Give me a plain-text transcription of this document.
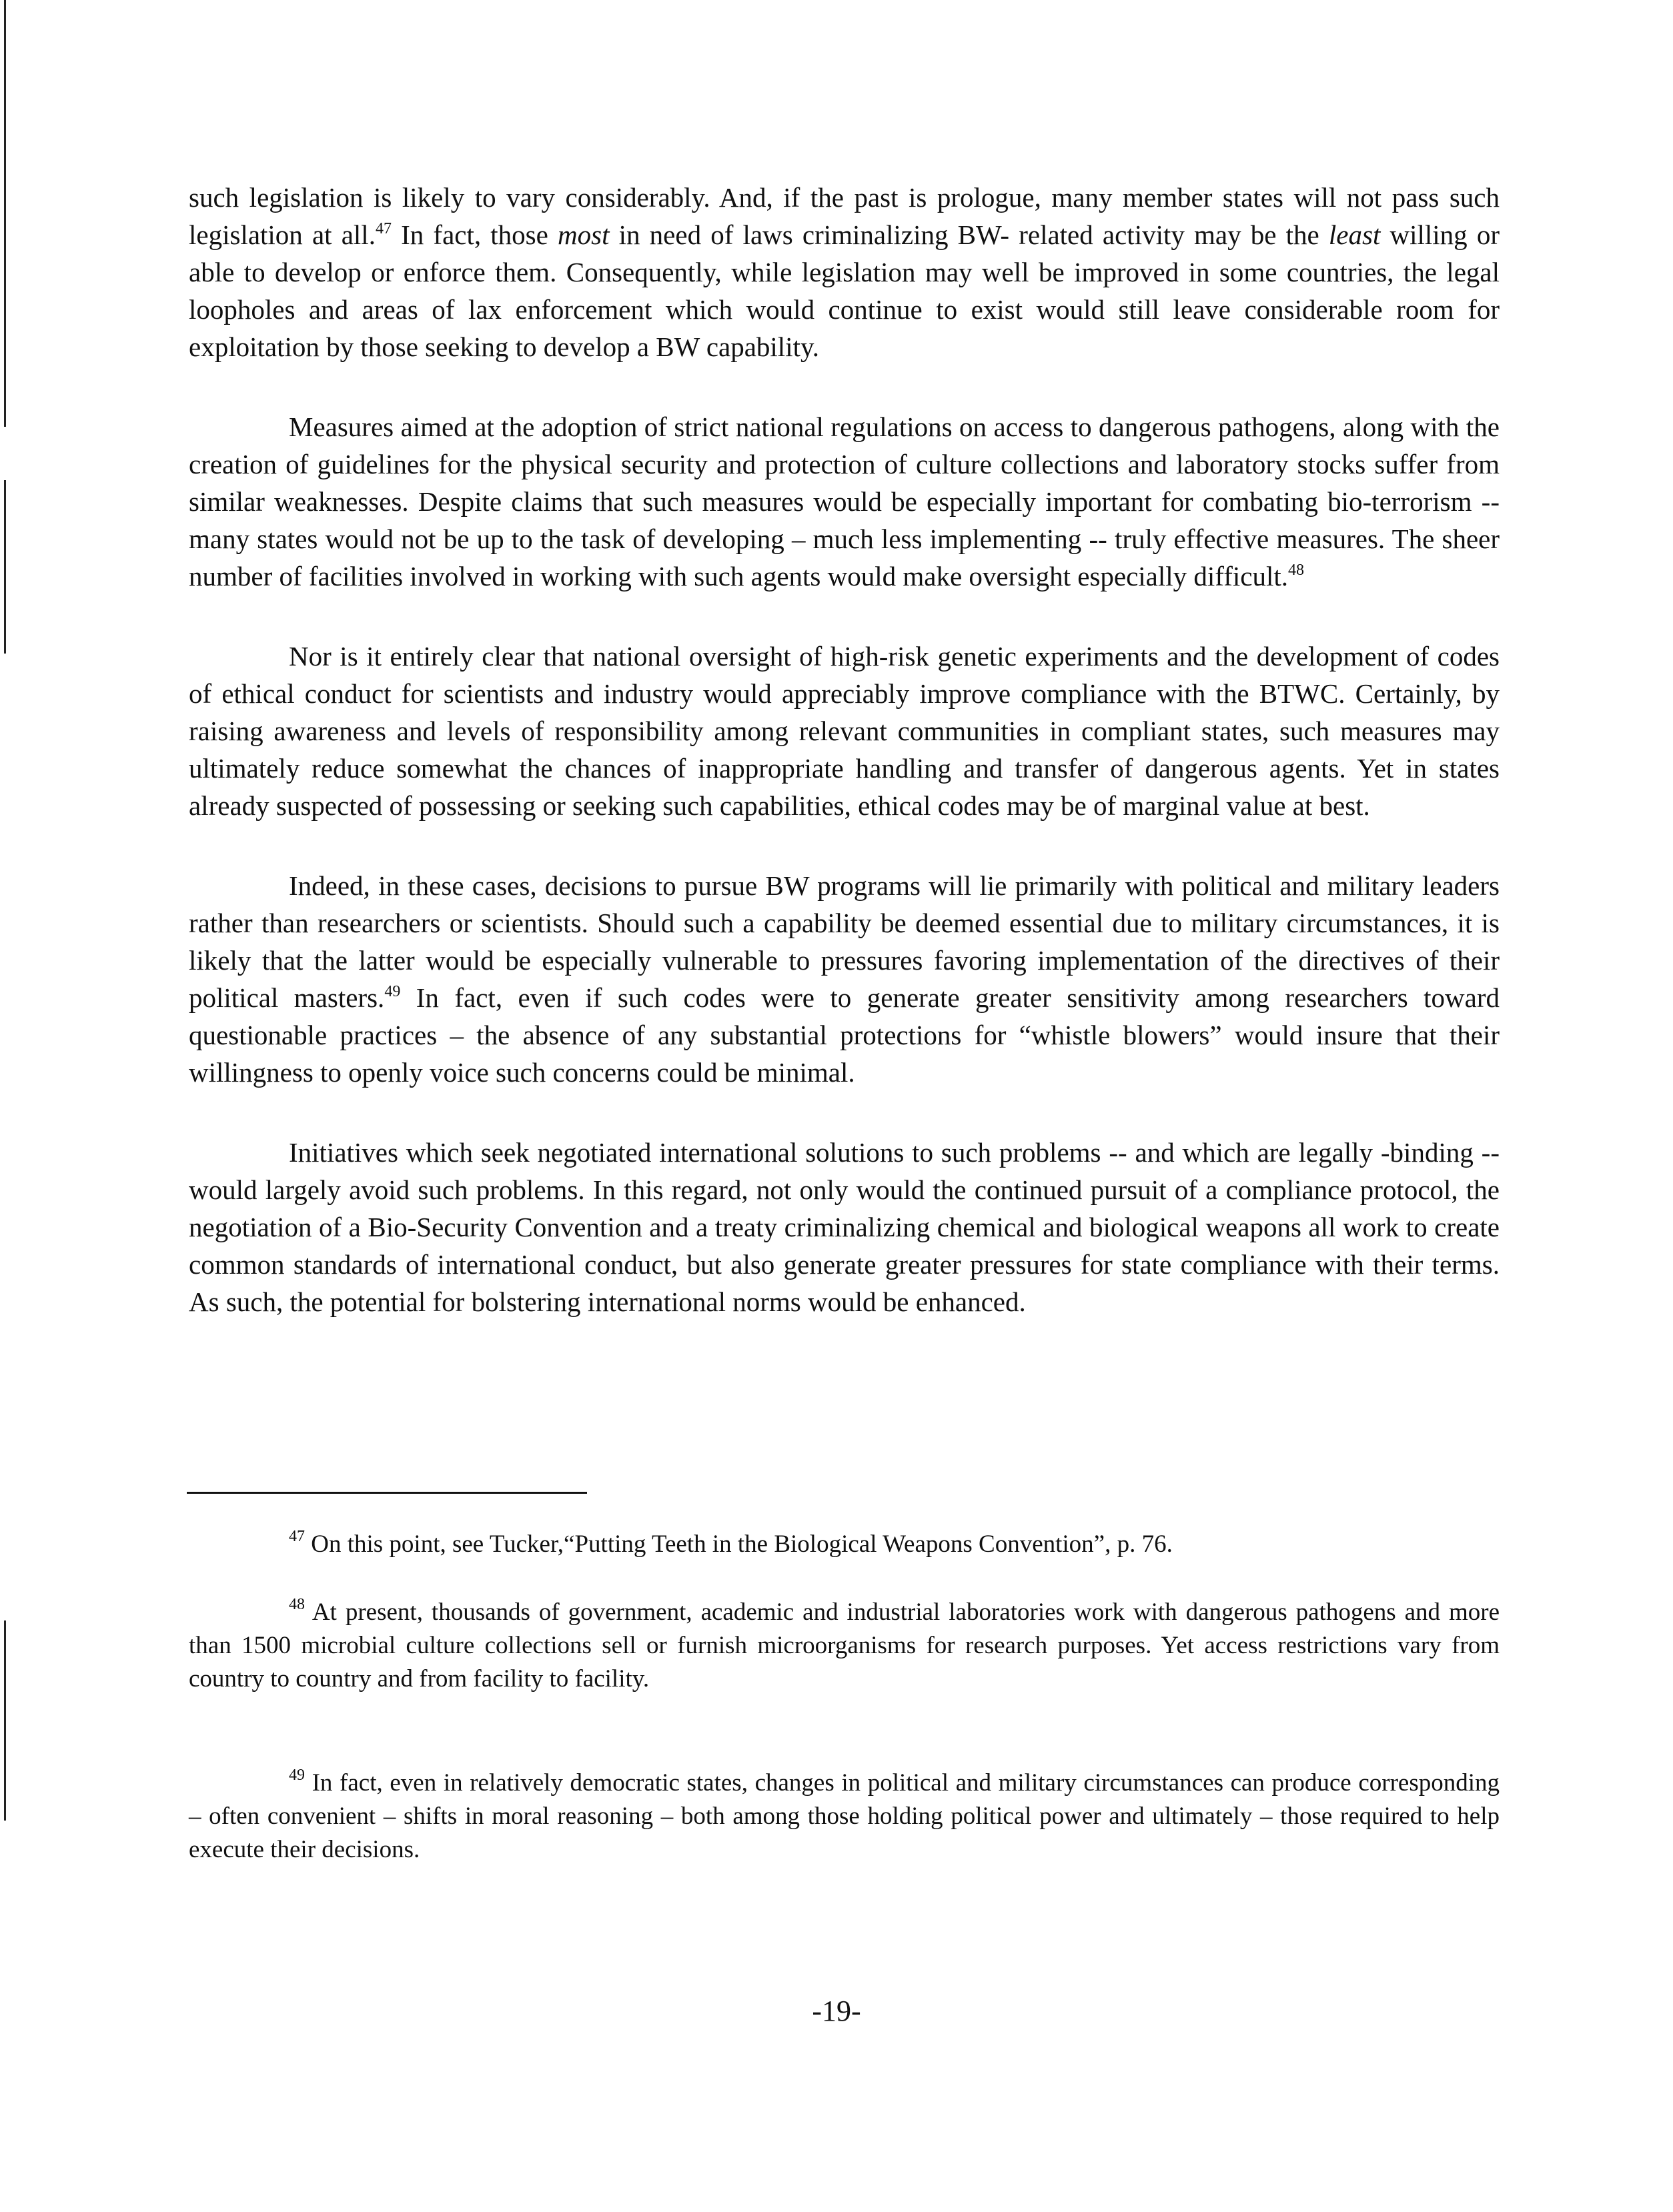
such legislation is likely to vary considerably. And, if the past is prologue, many member states will not pass such legislation at all.$^{47}$ In fact, those most in need of laws criminalizing BW- related activity may be the least willing or able to develop or enforce them. Consequently, while legislation may well be improved in some countries, the legal loopholes and areas of lax enforcement which would continue to exist would still leave considerable room for exploitation by those seeking to develop a BW capability.

Measures aimed at the adoption of strict national regulations on access to dangerous pathogens, along with the creation of guidelines for the physical security and protection of culture collections and laboratory stocks suffer from similar weaknesses. Despite claims that such measures would be especially important for combating bio-terrorism -- many states would not be up to the task of developing – much less implementing -- truly effective measures. The sheer number of facilities involved in working with such agents would make oversight especially difficult.$^{48}$

Nor is it entirely clear that national oversight of high-risk genetic experiments and the development of codes of ethical conduct for scientists and industry would appreciably improve compliance with the BTWC. Certainly, by raising awareness and levels of responsibility among relevant communities in compliant states, such measures may ultimately reduce somewhat the chances of inappropriate handling and transfer of dangerous agents. Yet in states already suspected of possessing or seeking such capabilities, ethical codes may be of marginal value at best.

Indeed, in these cases, decisions to pursue BW programs will lie primarily with political and military leaders rather than researchers or scientists. Should such a capability be deemed essential due to military circumstances, it is likely that the latter would be especially vulnerable to pressures favoring implementation of the directives of their political masters.$^{49}$ In fact, even if such codes were to generate greater sensitivity among researchers toward questionable practices – the absence of any substantial protections for “whistle blowers” would insure that their willingness to openly voice such concerns could be minimal.

Initiatives which seek negotiated international solutions to such problems -- and which are legally -binding -- would largely avoid such problems. In this regard, not only would the continued pursuit of a compliance protocol, the negotiation of a Bio-Security Convention and a treaty criminalizing chemical and biological weapons all work to create common standards of international conduct, but also generate greater pressures for state compliance with their terms. As such, the potential for bolstering international norms would be enhanced.

$^{47}$ On this point, see Tucker,“Putting Teeth in the Biological Weapons Convention”, p. 76.

$^{48}$ At present, thousands of government, academic and industrial laboratories work with dangerous pathogens and more than 1500 microbial culture collections sell or furnish microorganisms for research purposes. Yet access restrictions vary from country to country and from facility to facility.

$^{49}$ In fact, even in relatively democratic states, changes in political and military circumstances can produce corresponding – often convenient – shifts in moral reasoning – both among those holding political power and ultimately – those required to help execute their decisions.

-19-
